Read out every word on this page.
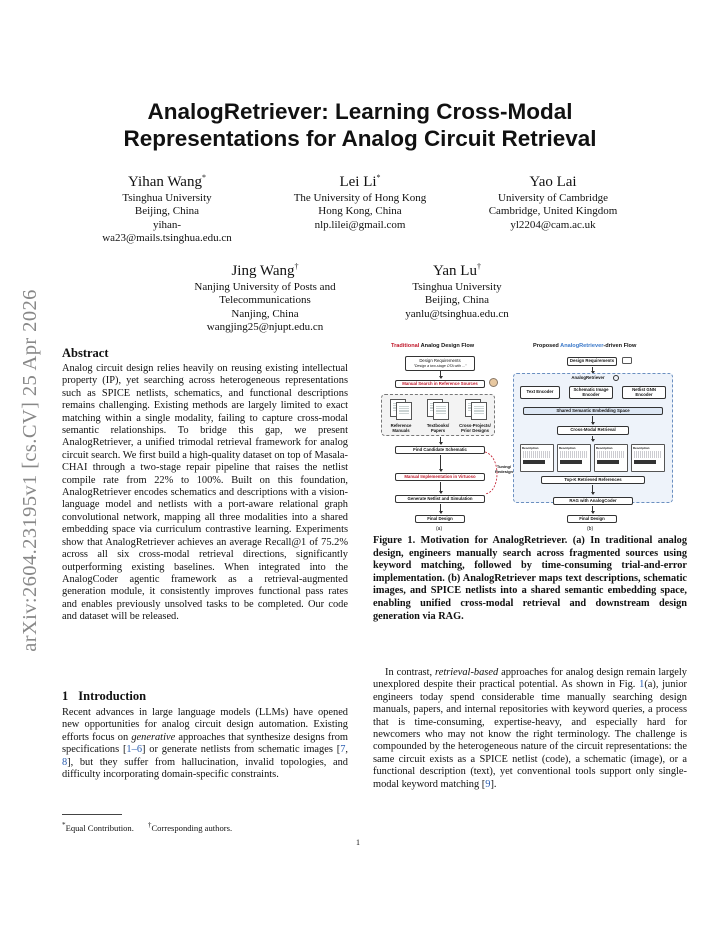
arXiv:2604.23195v1 [cs.CV] 25 Apr 2026
AnalogRetriever: Learning Cross-Modal
Representations for Analog Circuit Retrieval
Yihan Wang*
Tsinghua University
Beijing, China
yihan-
wa23@mails.tsinghua.edu.cn
Lei Li*
The University of Hong Kong
Hong Kong, China
nlp.lilei@gmail.com
Yao Lai
University of Cambridge
Cambridge, United Kingdom
yl2204@cam.ac.uk
Jing Wang†
Nanjing University of Posts and
Telecommunications
Nanjing, China
wangjing25@njupt.edu.cn
Yan Lu†
Tsinghua University
Beijing, China
yanlu@tsinghua.edu.cn
Abstract
Analog circuit design relies heavily on reusing existing intellectual property (IP), yet searching across heterogeneous representations such as SPICE netlists, schematics, and functional descriptions remains challenging. Existing methods are largely limited to exact matching within a single modality, failing to capture cross-modal semantic relationships. To bridge this gap, we present AnalogRetriever, a unified trimodal retrieval framework for analog circuit search. We first build a high-quality dataset on top of Masala-CHAI through a two-stage repair pipeline that raises the netlist compile rate from 22% to 100%. Built on this foundation, AnalogRetriever encodes schematics and descriptions with a vision-language model and netlists with a port-aware relational graph convolutional network, mapping all three modalities into a shared embedding space via curriculum contrastive learning. Experiments show that AnalogRetriever achieves an average Recall@1 of 75.2% across all six cross-modal retrieval directions, significantly outperforming existing baselines. When integrated into the AnalogCoder agentic framework as a retrieval-augmented generation module, it consistently improves functional pass rates and enables previously unsolved tasks to be completed. Our code and dataset will be released.
1 Introduction
Recent advances in large language models (LLMs) have opened new opportunities for analog circuit design automation. Existing efforts focus on generative approaches that synthesize designs from specifications [1–6] or generate netlists from schematic images [7, 8], but they suffer from hallucination, invalid topologies, and difficulty incorporating domain-specific constraints.
*Equal Contribution. †Corresponding authors.
1
Traditional Analog Design Flow
Design Requirements
"Design a two-stage OTA with ..."
Manual Search in Reference Sources
Reference Manuals
Textbooks/ Papers
Cross-Projects/ Prior Designs
Find Candidate Schematic
Manual Implementation in Virtuoso
Tuning/ Redesign
Generate Netlist and Simulation
Final Design
(a)
Proposed AnalogRetriever-driven Flow
Design Requirements
AnalogRetriever
Text Encoder	Schematic Image Encoder
Netlist GNN Encoder
Shared Semantic Embedding Space
Cross-Modal Retrieval
Description	Description	Description	Description
Top-K Retrieved References
RAG with AnalogCoder
Final Design
(b)
Figure 1. Motivation for AnalogRetriever. (a) In traditional analog design, engineers manually search across fragmented sources using keyword matching, followed by time-consuming trial-and-error implementation. (b) AnalogRetriever maps text descriptions, schematic images, and SPICE netlists into a shared semantic embedding space, enabling unified cross-modal retrieval and downstream design generation via RAG.
In contrast, retrieval-based approaches for analog design remain largely unexplored despite their practical potential. As shown in Fig. 1(a), junior engineers today spend considerable time manually searching design manuals, papers, and internal repositories with keyword queries, a process that is time-consuming, expertise-heavy, and especially hard for newcomers who may not know the right terminology. The challenge is compounded by the heterogeneous nature of the circuit representations: the same circuit exists as a SPICE netlist (code), a schematic (image), or a functional description (text), yet conventional tools support only single-modal keyword matching [9].
